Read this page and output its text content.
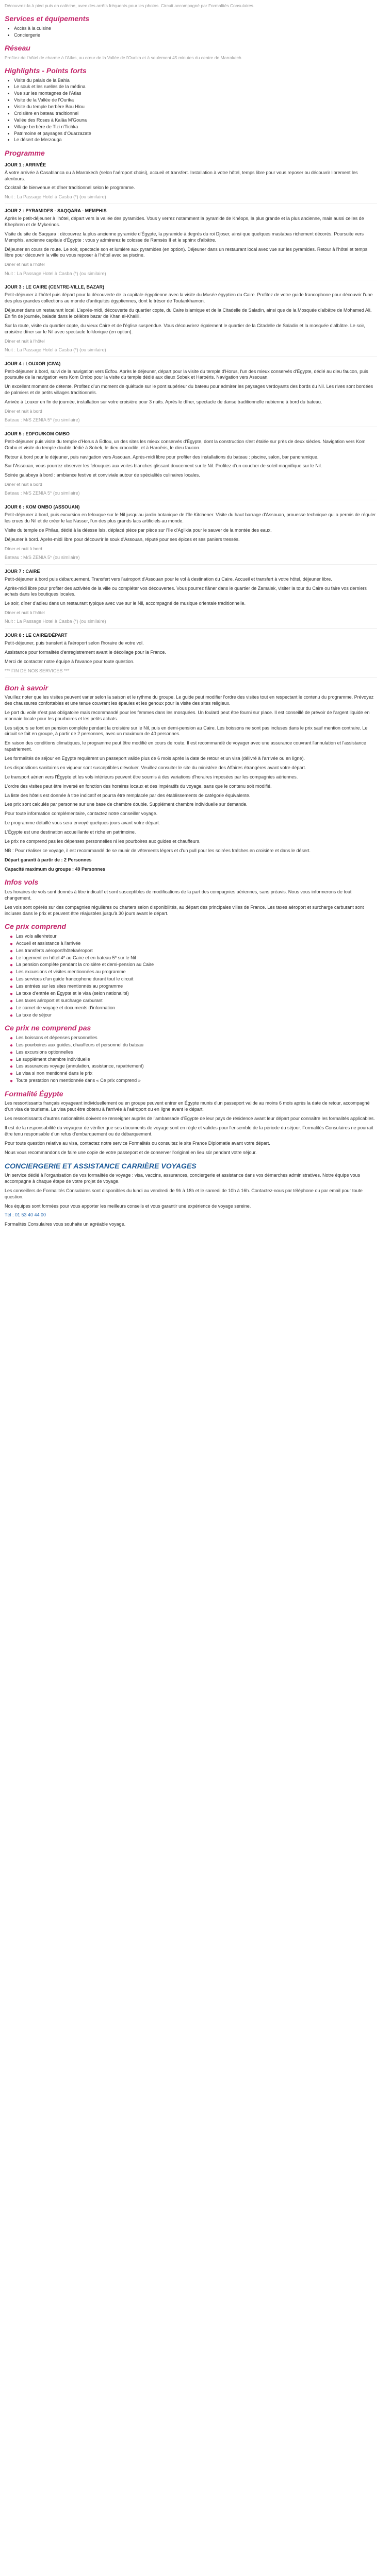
Découvrez-la à pied puis en calèche, avec des arrêts fréquents pour les photos. Circuit accompagné par Formalités Consulaires.
Services et équipements
• Accès à la cuisine
• Conciergerie
Réseau

Profitez de l'hôtel de charme à l'Atlas, au cœur de la Vallée de l'Ourika et à seulement 45 minutes du centre de Marrakech.

Highlights - Points forts
• Visite du palais de la Bahia
• Le souk et les ruelles de la médina
• Vue sur les montagnes de l'Atlas
• Visite de la Vallée de l'Ourika
• Visite du temple berbère Bou Hlou
• Croisière en bateau traditionnel
• Vallée des Roses à Kalâa M'Gouna
• Village berbère de Tizi n'Tichka
• Patrimoine et paysages d'Ouarzazate
• Le désert de Merzouga
Programme
JOUR 1 : ARRIVÉE

À votre arrivée à Casablanca ou à Marrakech (selon l'aéroport choisi), accueil et transfert. Installation à votre hôtel, temps libre pour vous reposer ou découvrir librement les alentours.

Cocktail de bienvenue et dîner traditionnel selon le programme.

Nuit : La Passage Hotel à Casba (*) (ou similaire)

JOUR 2 : PYRAMIDES - SAQQARA - MEMPHIS

Après le petit-déjeuner à l'hôtel, départ vers la vallée des pyramides. Vous y verrez notamment la pyramide de Khéops, la plus grande et la plus ancienne, mais aussi celles de Khephren et de Mykerinos.

Visite du site de Saqqara : découvrez la plus ancienne pyramide d'Égypte, la pyramide à degrés du roi Djoser, ainsi que quelques mastabas richement décorés. Poursuite vers Memphis, ancienne capitale d'Égypte : vous y admirerez le colosse de Ramsès II et le sphinx d'albâtre.

Déjeuner en cours de route. Le soir, spectacle son et lumière aux pyramides (en option). Déjeuner dans un restaurant local avec vue sur les pyramides. Retour à l'hôtel et temps libre pour découvrir la ville ou vous reposer à l'hôtel avec sa piscine.

Dîner et nuit à l'hôtel

Nuit : La Passage Hotel à Casba (*) (ou similaire)

JOUR 3 : LE CAIRE (CENTRE-VILLE, BAZAR)

Petit-déjeuner à l'hôtel puis départ pour la découverte de la capitale égyptienne avec la visite du Musée égyptien du Caire. Profitez de votre guide francophone pour découvrir l'une des plus grandes collections au monde d'antiquités égyptiennes, dont le trésor de Toutankhamon.

Déjeuner dans un restaurant local. L'après-midi, découverte du quartier copte, du Caire islamique et de la Citadelle de Saladin, ainsi que de la Mosquée d'albâtre de Mohamed Ali. En fin de journée, balade dans le célèbre bazar de Khan el-Khalili.

Sur la route, visite du quartier copte, du vieux Caire et de l'église suspendue. Vous découvrirez également le quartier de la Citadelle de Saladin et la mosquée d'albâtre. Le soir, croisière dîner sur le Nil avec spectacle folklorique (en option).

Dîner et nuit à l'hôtel

Nuit : La Passage Hotel à Casba (*) (ou similaire)

JOUR 4 : LOUXOR (CIVA)

Petit-déjeuner à bord, suivi de la navigation vers Edfou. Après le déjeuner, départ pour la visite du temple d'Horus, l'un des mieux conservés d'Égypte, dédié au dieu faucon, puis poursuite de la navigation vers Kom Ombo pour la visite du temple dédié aux dieux Sobek et Haroëris. Navigation vers Assouan.

Un excellent moment de détente. Profitez d'un moment de quiétude sur le pont supérieur du bateau pour admirer les paysages verdoyants des bords du Nil. Les rives sont bordées de palmiers et de petits villages traditionnels.

Arrivée à Louxor en fin de journée, installation sur votre croisière pour 3 nuits. Après le dîner, spectacle de danse traditionnelle nubienne à bord du bateau.

Dîner et nuit à bord

Bateau : M/S ZENIA 5* (ou similaire)

JOUR 5 : EDFOU/KOM OMBO

Petit-déjeuner puis visite du temple d'Horus à Edfou, un des sites les mieux conservés d'Égypte, dont la construction s'est étalée sur près de deux siècles. Navigation vers Kom Ombo et visite du temple double dédié à Sobek, le dieu crocodile, et à Haroëris, le dieu faucon.

Retour à bord pour le déjeuner, puis navigation vers Assouan. Après-midi libre pour profiter des installations du bateau : piscine, salon, bar panoramique.

Sur l'Assouan, vous pourrez observer les felouques aux voiles blanches glissant doucement sur le Nil. Profitez d'un coucher de soleil magnifique sur le Nil.

Soirée galabeya à bord : ambiance festive et conviviale autour de spécialités culinaires locales.

Dîner et nuit à bord

Bateau : M/S ZENIA 5* (ou similaire)

JOUR 6 : KOM OMBO (ASSOUAN)

Petit-déjeuner à bord, puis excursion en felouque sur le Nil jusqu'au jardin botanique de l'île Kitchener. Visite du haut barrage d'Assouan, prouesse technique qui a permis de réguler les crues du Nil et de créer le lac Nasser, l'un des plus grands lacs artificiels au monde.

Visite du temple de Philae, dédié à la déesse Isis, déplacé pièce par pièce sur l'île d'Agilkia pour le sauver de la montée des eaux.

Déjeuner à bord. Après-midi libre pour découvrir le souk d'Assouan, réputé pour ses épices et ses paniers tressés.

Dîner et nuit à bord

Bateau : M/S ZENIA 5* (ou similaire)

JOUR 7 : CAIRE

Petit-déjeuner à bord puis débarquement. Transfert vers l'aéroport d'Assouan pour le vol à destination du Caire. Accueil et transfert à votre hôtel, déjeuner libre.

Après-midi libre pour profiter des activités de la ville ou compléter vos découvertes. Vous pourrez flâner dans le quartier de Zamalek, visiter la tour du Caire ou faire vos derniers achats dans les boutiques locales.

Le soir, dîner d'adieu dans un restaurant typique avec vue sur le Nil, accompagné de musique orientale traditionnelle.

Dîner et nuit à l'hôtel

Nuit : La Passage Hotel à Casba (*) (ou similaire)

JOUR 8 : LE CAIRE/DÉPART

Petit-déjeuner, puis transfert à l'aéroport selon l'horaire de votre vol.

Assistance pour formalités d'enregistrement avant le décollage pour la France.

Merci de contacter notre équipe à l'avance pour toute question.

*** FIN DE NOS SERVICES ***

Bon à savoir

Veuillez noter que les visites peuvent varier selon la saison et le rythme du groupe. Le guide peut modifier l'ordre des visites tout en respectant le contenu du programme. Prévoyez des chaussures confortables et une tenue couvrant les épaules et les genoux pour la visite des sites religieux.

Le port du voile n'est pas obligatoire mais recommandé pour les femmes dans les mosquées. Un foulard peut être fourni sur place. Il est conseillé de prévoir de l'argent liquide en monnaie locale pour les pourboires et les petits achats.

Les séjours se font en pension complète pendant la croisière sur le Nil, puis en demi-pension au Caire. Les boissons ne sont pas incluses dans le prix sauf mention contraire. Le circuit se fait en groupe, à partir de 2 personnes, avec un maximum de 40 personnes.

En raison des conditions climatiques, le programme peut être modifié en cours de route. Il est recommandé de voyager avec une assurance couvrant l'annulation et l'assistance rapatriement.

Les formalités de séjour en Égypte requièrent un passeport valide plus de 6 mois après la date de retour et un visa (délivré à l'arrivée ou en ligne).

Les dispositions sanitaires en vigueur sont susceptibles d'évoluer. Veuillez consulter le site du ministère des Affaires étrangères avant votre départ.

Le transport aérien vers l'Égypte et les vols intérieurs peuvent être soumis à des variations d'horaires imposées par les compagnies aériennes.

L'ordre des visites peut être inversé en fonction des horaires locaux et des impératifs du voyage, sans que le contenu soit modifié.

La liste des hôtels est donnée à titre indicatif et pourra être remplacée par des établissements de catégorie équivalente.

Les prix sont calculés par personne sur une base de chambre double. Supplément chambre individuelle sur demande.

Pour toute information complémentaire, contactez notre conseiller voyage.

Le programme détaillé vous sera envoyé quelques jours avant votre départ.

L'Égypte est une destination accueillante et riche en patrimoine.

Le prix ne comprend pas les dépenses personnelles ni les pourboires aux guides et chauffeurs.

NB : Pour réaliser ce voyage, il est recommandé de se munir de vêtements légers et d'un pull pour les soirées fraîches en croisière et dans le désert.

Départ garanti à partir de : 2 Personnes

Capacité maximum du groupe : 49 Personnes

Infos vols

Les horaires de vols sont donnés à titre indicatif et sont susceptibles de modifications de la part des compagnies aériennes, sans préavis. Nous vous informerons de tout changement.

Les vols sont opérés sur des compagnies régulières ou charters selon disponibilités, au départ des principales villes de France. Les taxes aéroport et surcharge carburant sont incluses dans le prix et peuvent être réajustées jusqu'à 30 jours avant le départ.

Ce prix comprend
● Les vols aller/retour
● Accueil et assistance à l'arrivée
● Les transferts aéroport/hôtel/aéroport
● Le logement en hôtel 4* au Caire et en bateau 5* sur le Nil
● La pension complète pendant la croisière et demi-pension au Caire
● Les excursions et visites mentionnées au programme
● Les services d'un guide francophone durant tout le circuit
● Les entrées sur les sites mentionnés au programme
● La taxe d'entrée en Égypte et le visa (selon nationalité)
● Les taxes aéroport et surcharge carburant
● Le carnet de voyage et documents d'information
● La taxe de séjour
Ce prix ne comprend pas
● Les boissons et dépenses personnelles
● Les pourboires aux guides, chauffeurs et personnel du bateau
● Les excursions optionnelles
● Le supplément chambre individuelle
● Les assurances voyage (annulation, assistance, rapatriement)
● Le visa si non mentionné dans le prix
● Toute prestation non mentionnée dans « Ce prix comprend »
Formalité Égypte

Les ressortissants français voyageant individuellement ou en groupe peuvent entrer en Égypte munis d'un passeport valide au moins 6 mois après la date de retour, accompagné d'un visa de tourisme. Le visa peut être obtenu à l'arrivée à l'aéroport ou en ligne avant le départ.

Les ressortissants d'autres nationalités doivent se renseigner auprès de l'ambassade d'Égypte de leur pays de résidence avant leur départ pour connaître les formalités applicables.

Il est de la responsabilité du voyageur de vérifier que ses documents de voyage sont en règle et valides pour l'ensemble de la période du séjour. Formalités Consulaires ne pourrait être tenu responsable d'un refus d'embarquement ou de débarquement.

Pour toute question relative au visa, contactez notre service Formalités ou consultez le site France Diplomatie avant votre départ.

Nous vous recommandons de faire une copie de votre passeport et de conserver l'original en lieu sûr pendant votre séjour.

CONCIERGERIE ET ASSISTANCE CARRIÈRE VOYAGES

Un service dédié à l'organisation de vos formalités de voyage : visa, vaccins, assurances, conciergerie et assistance dans vos démarches administratives. Notre équipe vous accompagne à chaque étape de votre projet de voyage.

Les conseillers de Formalités Consulaires sont disponibles du lundi au vendredi de 9h à 18h et le samedi de 10h à 16h. Contactez-nous par téléphone ou par email pour toute question.

Nos équipes sont formées pour vous apporter les meilleurs conseils et vous garantir une expérience de voyage sereine.

Tél : 01 53 40 44 00

Formalités Consulaires vous souhaite un agréable voyage.
